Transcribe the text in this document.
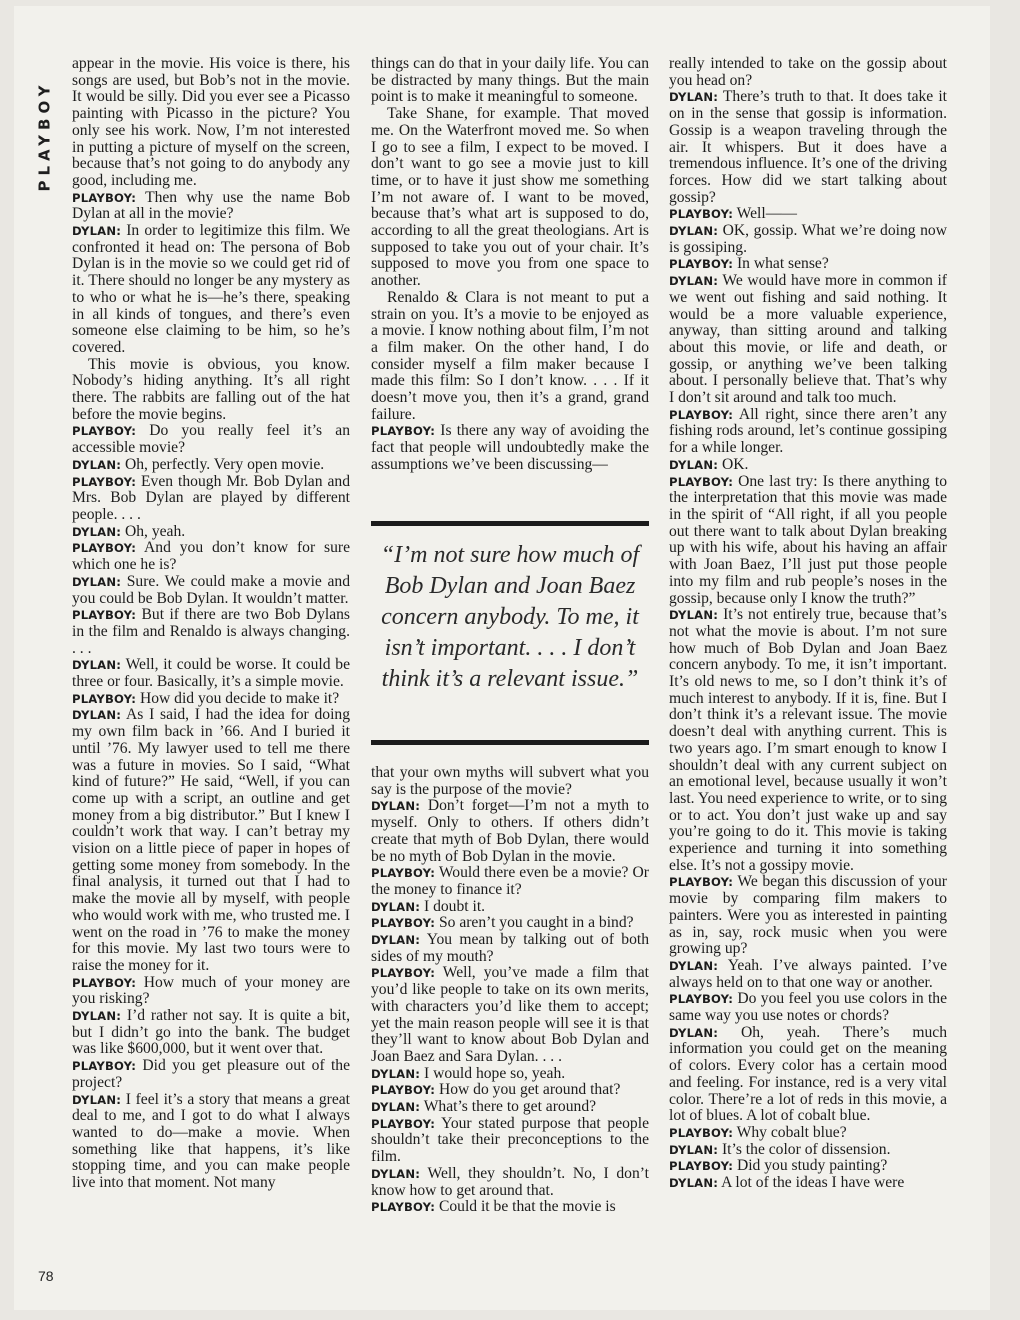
PLAYBOY

appear in the movie. His voice is there, his songs are used, but Bob’s not in the movie. It would be silly. Did you ever see a Picasso painting with Picasso in the picture? You only see his work. Now, I’m not interested in putting a picture of myself on the screen, because that’s not going to do anybody any good, including me.

PLAYBOY: Then why use the name Bob Dylan at all in the movie?

DYLAN: In order to legitimize this film. We confronted it head on: The persona of Bob Dylan is in the movie so we could get rid of it. There should no longer be any mystery as to who or what he is—he’s there, speaking in all kinds of tongues, and there’s even someone else claiming to be him, so he’s covered.

This movie is obvious, you know. Nobody’s hiding anything. It’s all right there. The rabbits are falling out of the hat before the movie begins.

PLAYBOY: Do you really feel it’s an accessible movie?

DYLAN: Oh, perfectly. Very open movie.

PLAYBOY: Even though Mr. Bob Dylan and Mrs. Bob Dylan are played by different people. . . .

DYLAN: Oh, yeah.

PLAYBOY: And you don’t know for sure which one he is?

DYLAN: Sure. We could make a movie and you could be Bob Dylan. It wouldn’t matter.

PLAYBOY: But if there are two Bob Dylans in the film and Renaldo is always changing. . . .

DYLAN: Well, it could be worse. It could be three or four. Basically, it’s a simple movie.

PLAYBOY: How did you decide to make it?

DYLAN: As I said, I had the idea for doing my own film back in ’66. And I buried it until ’76. My lawyer used to tell me there was a future in movies. So I said, “What kind of future?” He said, “Well, if you can come up with a script, an outline and get money from a big distributor.” But I knew I couldn’t work that way. I can’t betray my vision on a little piece of paper in hopes of getting some money from somebody. In the final analysis, it turned out that I had to make the movie all by myself, with people who would work with me, who trusted me. I went on the road in ’76 to make the money for this movie. My last two tours were to raise the money for it.

PLAYBOY: How much of your money are you risking?

DYLAN: I’d rather not say. It is quite a bit, but I didn’t go into the bank. The budget was like $600,000, but it went over that.

PLAYBOY: Did you get pleasure out of the project?

DYLAN: I feel it’s a story that means a great deal to me, and I got to do what I always wanted to do—make a movie. When something like that happens, it’s like stopping time, and you can make people live into that moment. Not many

things can do that in your daily life. You can be distracted by many things. But the main point is to make it meaningful to someone.

Take Shane, for example. That moved me. On the Waterfront moved me. So when I go to see a film, I expect to be moved. I don’t want to go see a movie just to kill time, or to have it just show me something I’m not aware of. I want to be moved, because that’s what art is supposed to do, according to all the great theologians. Art is supposed to take you out of your chair. It’s supposed to move you from one space to another.

Renaldo & Clara is not meant to put a strain on you. It’s a movie to be enjoyed as a movie. I know nothing about film, I’m not a film maker. On the other hand, I do consider myself a film maker because I made this film: So I don’t know. . . . If it doesn’t move you, then it’s a grand, grand failure.

PLAYBOY: Is there any way of avoiding the fact that people will undoubtedly make the assumptions we’ve been discussing—

“I’m not sure how much of Bob Dylan and Joan Baez concern anybody. To me, it isn’t important. . . . I don’t think it’s a relevant issue.”

that your own myths will subvert what you say is the purpose of the movie?

DYLAN: Don’t forget—I’m not a myth to myself. Only to others. If others didn’t create that myth of Bob Dylan, there would be no myth of Bob Dylan in the movie.

PLAYBOY: Would there even be a movie? Or the money to finance it?

DYLAN: I doubt it.

PLAYBOY: So aren’t you caught in a bind?

DYLAN: You mean by talking out of both sides of my mouth?

PLAYBOY: Well, you’ve made a film that you’d like people to take on its own merits, with characters you’d like them to accept; yet the main reason people will see it is that they’ll want to know about Bob Dylan and Joan Baez and Sara Dylan. . . .

DYLAN: I would hope so, yeah.

PLAYBOY: How do you get around that?

DYLAN: What’s there to get around?

PLAYBOY: Your stated purpose that people shouldn’t take their preconceptions to the film.

DYLAN: Well, they shouldn’t. No, I don’t know how to get around that.

PLAYBOY: Could it be that the movie is

really intended to take on the gossip about you head on?

DYLAN: There’s truth to that. It does take it on in the sense that gossip is information. Gossip is a weapon traveling through the air. It whispers. But it does have a tremendous influence. It’s one of the driving forces. How did we start talking about gossip?

PLAYBOY: Well——

DYLAN: OK, gossip. What we’re doing now is gossiping.

PLAYBOY: In what sense?

DYLAN: We would have more in common if we went out fishing and said nothing. It would be a more valuable experience, anyway, than sitting around and talking about this movie, or life and death, or gossip, or anything we’ve been talking about. I personally believe that. That’s why I don’t sit around and talk too much.

PLAYBOY: All right, since there aren’t any fishing rods around, let’s continue gossiping for a while longer.

DYLAN: OK.

PLAYBOY: One last try: Is there anything to the interpretation that this movie was made in the spirit of “All right, if all you people out there want to talk about Dylan breaking up with his wife, about his having an affair with Joan Baez, I’ll just put those people into my film and rub people’s noses in the gossip, because only I know the truth?”

DYLAN: It’s not entirely true, because that’s not what the movie is about. I’m not sure how much of Bob Dylan and Joan Baez concern anybody. To me, it isn’t important. It’s old news to me, so I don’t think it’s of much interest to anybody. If it is, fine. But I don’t think it’s a relevant issue. The movie doesn’t deal with anything current. This is two years ago. I’m smart enough to know I shouldn’t deal with any current subject on an emotional level, because usually it won’t last. You need experience to write, or to sing or to act. You don’t just wake up and say you’re going to do it. This movie is taking experience and turning it into something else. It’s not a gossipy movie.

PLAYBOY: We began this discussion of your movie by comparing film makers to painters. Were you as interested in painting as in, say, rock music when you were growing up?

DYLAN: Yeah. I’ve always painted. I’ve always held on to that one way or another.

PLAYBOY: Do you feel you use colors in the same way you use notes or chords?

DYLAN: Oh, yeah. There’s much information you could get on the meaning of colors. Every color has a certain mood and feeling. For instance, red is a very vital color. There’re a lot of reds in this movie, a lot of blues. A lot of cobalt blue.

PLAYBOY: Why cobalt blue?

DYLAN: It’s the color of dissension.

PLAYBOY: Did you study painting?

DYLAN: A lot of the ideas I have were

78
